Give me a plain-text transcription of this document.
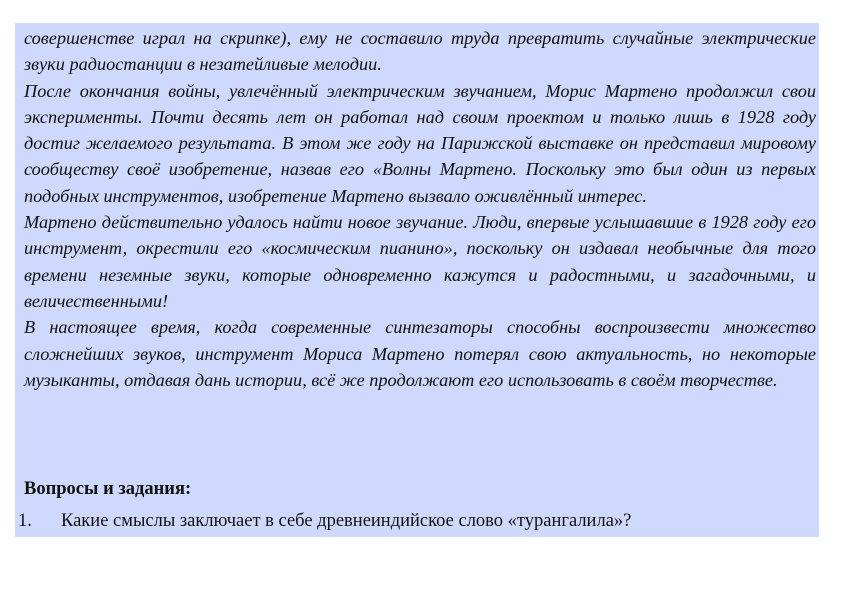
совершенстве играл на скрипке), ему не составило труда превратить случайные электрические звуки радиостанции в незатейливые мелодии.

После окончания войны, увлечённый электрическим звучанием, Морис Мартено продолжил свои эксперименты. Почти десять лет он работал над своим проектом и только лишь в 1928 году достиг желаемого результата. В этом же году на Парижской выставке он представил мировому сообществу своё изобретение, назвав его «Волны Мартено. Поскольку это был один из первых подобных инструментов, изобретение Мартено вызвало оживлённый интерес.

Мартено действительно удалось найти новое звучание. Люди, впервые услышавшие в 1928 году его инструмент, окрестили его «космическим пианино», поскольку он издавал необычные для того времени неземные звуки, которые одновременно кажутся и радостными, и загадочными, и величественными!

В настоящее время, когда современные синтезаторы способны воспроизвести множество сложнейших звуков, инструмент Мориса Мартено потерял свою актуальность, но некоторые музыканты, отдавая дань истории, всё же продолжают его использовать в своём творчестве.

Вопросы и задания:
1. Какие смыслы заключает в себе древнеиндийское слово «турангалила»?
